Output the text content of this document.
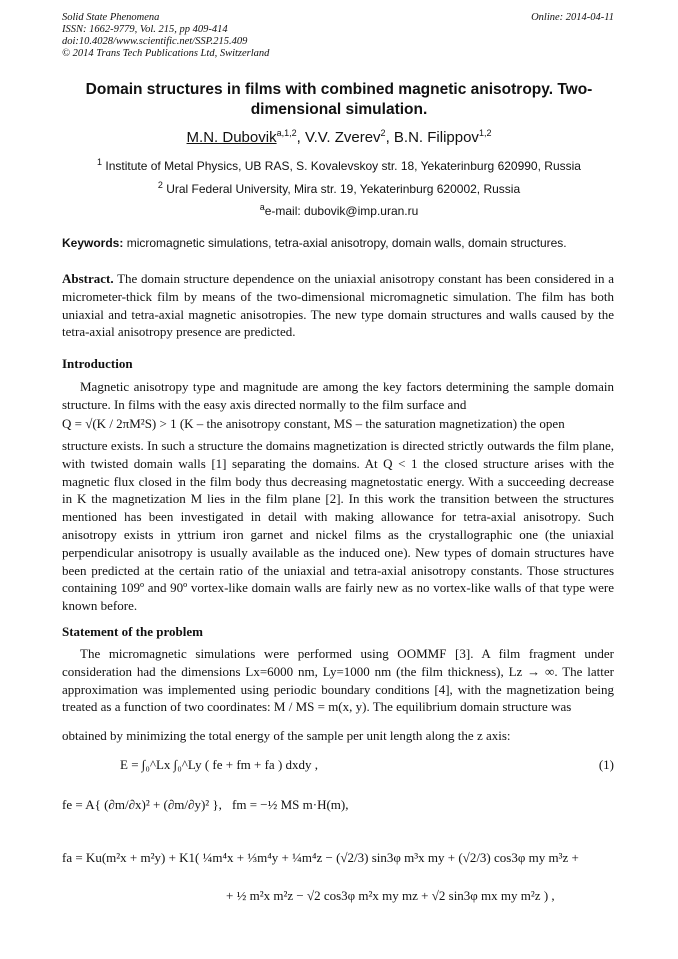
Solid State Phenomena
ISSN: 1662-9779, Vol. 215, pp 409-414
doi:10.4028/www.scientific.net/SSP.215.409
© 2014 Trans Tech Publications Ltd, Switzerland
Online: 2014-04-11
Domain structures in films with combined magnetic anisotropy. Two-dimensional simulation.
M.N. Dubovik$^{a,1,2}$, V.V. Zverev$^2$, B.N. Filippov$^{1,2}$
$^1$ Institute of Metal Physics, UB RAS, S. Kovalevskoy str. 18, Yekaterinburg 620990, Russia
$^2$ Ural Federal University, Mira str. 19, Yekaterinburg 620002, Russia
$^a$e-mail: dubovik@imp.uran.ru
Keywords: micromagnetic simulations, tetra-axial anisotropy, domain walls, domain structures.
Abstract. The domain structure dependence on the uniaxial anisotropy constant has been considered in a micrometer-thick film by means of the two-dimensional micromagnetic simulation. The film has both uniaxial and tetra-axial magnetic anisotropies. The new type domain structures and walls caused by the tetra-axial anisotropy presence are predicted.
Introduction
Magnetic anisotropy type and magnitude are among the key factors determining the sample domain structure. In films with the easy axis directed normally to the film surface and
Q = √(K / 2πM²S) > 1 (K – the anisotropy constant, MS – the saturation magnetization) the open
structure exists. In such a structure the domains magnetization is directed strictly outwards the film plane, with twisted domain walls [1] separating the domains. At Q < 1 the closed structure arises with the magnetic flux closed in the film body thus decreasing magnetostatic energy. With a succeeding decrease in K the magnetization M lies in the film plane [2]. In this work the transition between the structures mentioned has been investigated in detail with making allowance for tetra-axial anisotropy. Such anisotropy exists in yttrium iron garnet and nickel films as the crystallographic one (the uniaxial perpendicular anisotropy is usually available as the induced one). New types of domain structures have been predicted at the certain ratio of the uniaxial and tetra-axial anisotropy constants. Those structures containing 109º and 90º vortex-like domain walls are fairly new as no vortex-like walls of that type were known before.
Statement of the problem
The micromagnetic simulations were performed using OOMMF [3]. A film fragment under consideration had the dimensions Lx=6000 nm, Ly=1000 nm (the film thickness), Lz → ∞. The latter approximation was implemented using periodic boundary conditions [4], with the magnetization being treated as a function of two coordinates: M / MS = m(x, y). The equilibrium domain structure was
obtained by minimizing the total energy of the sample per unit length along the z axis:
E = ∫₀^Lx ∫₀^Ly ( fe + fm + fa ) dxdy ,	(1)
fe = A{ (∂m/∂x)² + (∂m/∂y)² }, fm = −½ MS m·H(m),
fa = Ku(m²x + m²y) + K1( ¼m⁴x + ⅓m⁴y + ¼m⁴z − (√2/3) sin3φ m³x my + (√2/3) cos3φ my m³z +
+ ½ m²x m²z − √2 cos3φ m²x my mz + √2 sin3φ mx my m²z ) ,
